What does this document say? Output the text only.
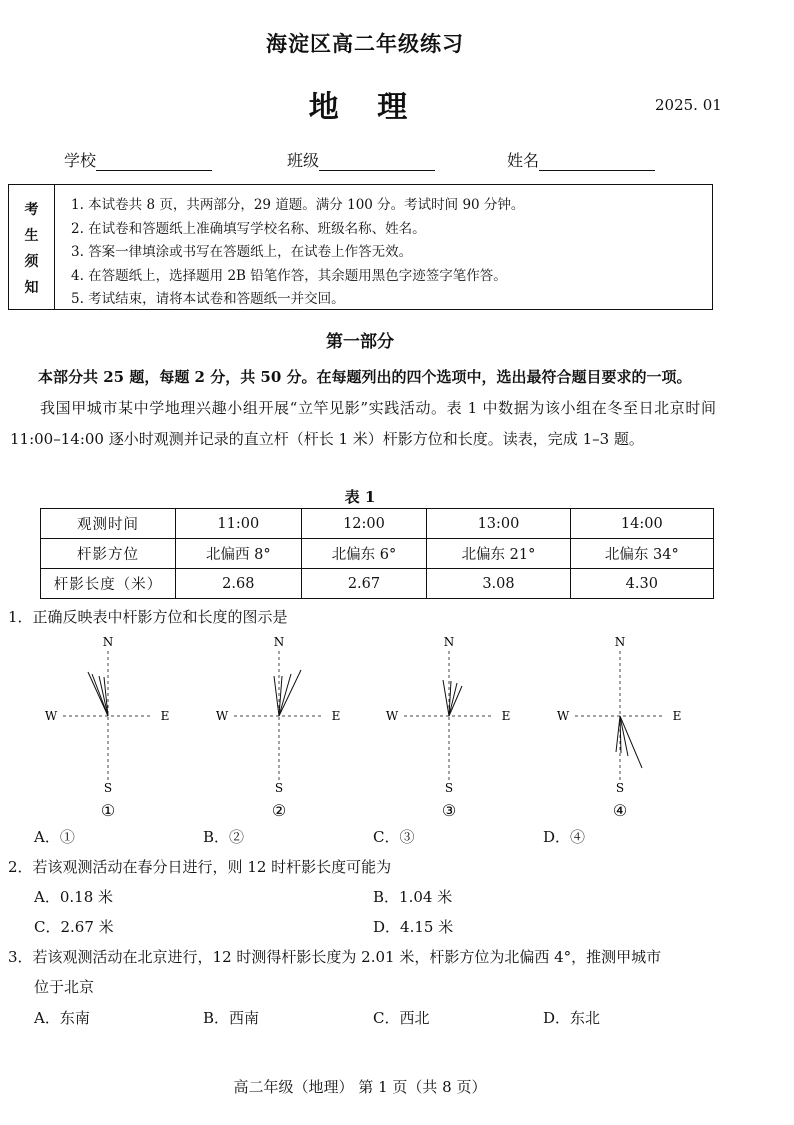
海淀区高二年级练习
地 理	2025. 01
学校	班级	姓名
考
生
须
知
1. 本试卷共 8 页，共两部分，29 道题。满分 100 分。考试时间 90 分钟。
2. 在试卷和答题纸上准确填写学校名称、班级名称、姓名。
3. 答案一律填涂或书写在答题纸上，在试卷上作答无效。
4. 在答题纸上，选择题用 2B 铅笔作答，其余题用黑色字迹签字笔作答。
5. 考试结束，请将本试卷和答题纸一并交回。
第一部分
本部分共 25 题，每题 2 分，共 50 分。在每题列出的四个选项中，选出最符合题目要求的一项。
我国甲城市某中学地理兴趣小组开展“立竿见影”实践活动。表 1 中数据为该小组在冬至日北京时间 11:00–14:00 逐小时观测并记录的直立杆（杆长 1 米）杆影方位和长度。读表，完成 1–3 题。
表 1
观测时间	11:00	12:00	13:00	14:00
杆影方位	北偏西 8°	北偏东 6°	北偏东 21°	北偏东 34°
杆影长度（米）	2.68	2.67	3.08	4.30
1．正确反映表中杆影方位和长度的图示是
N
S
W	E
①
N
S
W	E
②
N
S
W	E
③
N
S
W	E
④
A．①	B．②	C．③	D．④
2．若该观测活动在春分日进行，则 12 时杆影长度可能为
A．0.18 米	B．1.04 米
C．2.67 米	D．4.15 米
3．若该观测活动在北京进行，12 时测得杆影长度为 2.01 米，杆影方位为北偏西 4°，推测甲城市
位于北京
A．东南	B．西南	C．西北	D．东北
高二年级（地理） 第 1 页（共 8 页）
